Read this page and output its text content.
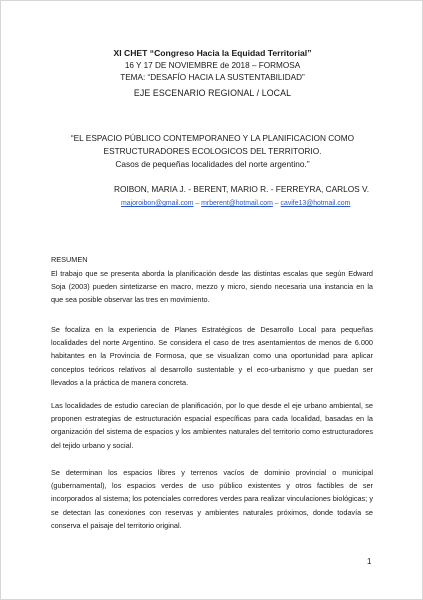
XI CHET “Congreso Hacia la Equidad Territorial”
16 Y 17 DE NOVIEMBRE de 2018 – FORMOSA
TEMA: “DESAFÍO HACIA LA SUSTENTABILIDAD”
EJE ESCENARIO REGIONAL / LOCAL
“EL ESPACIO PÚBLICO CONTEMPORANEO Y LA PLANIFICACION COMO
ESTRUCTURADORES ECOLOGICOS DEL TERRITORIO.
Casos de pequeñas localidades del norte argentino.”
ROIBON, MARIA J. - BERENT, MARIO R. - FERREYRA, CARLOS V.
majoroibon@gmail.com – mrberent@hotmail.com – cavife13@hotmail.com
RESUMEN

El trabajo que se presenta aborda la planificación desde las distintas escalas que según Edward Soja (2003) pueden sintetizarse en macro, mezzo y micro, siendo necesaria una instancia en la que sea posible observar las tres en movimiento.

Se focaliza en la experiencia de Planes Estratégicos de Desarrollo Local para pequeñas localidades del norte Argentino. Se considera el caso de tres asentamientos de menos de 6.000 habitantes en la Provincia de Formosa, que se visualizan como una oportunidad para aplicar conceptos teóricos relativos al desarrollo sustentable y el eco-urbanismo y que puedan ser llevados a la práctica de manera concreta.

Las localidades de estudio carecían de planificación, por lo que desde el eje urbano ambiental, se proponen estrategias de estructuración espacial específicas para cada localidad, basadas en la organización del sistema de espacios y los ambientes naturales del territorio como estructuradores del tejido urbano y social.

Se determinan los espacios libres y terrenos vacíos de dominio provincial o municipal (gubernamental), los espacios verdes de uso público existentes y otros factibles de ser incorporados al sistema; los potenciales corredores verdes para realizar vinculaciones biológicas; y se detectan las conexiones con reservas y ambientes naturales próximos, donde todavía se conserva el paisaje del territorio original.

1
